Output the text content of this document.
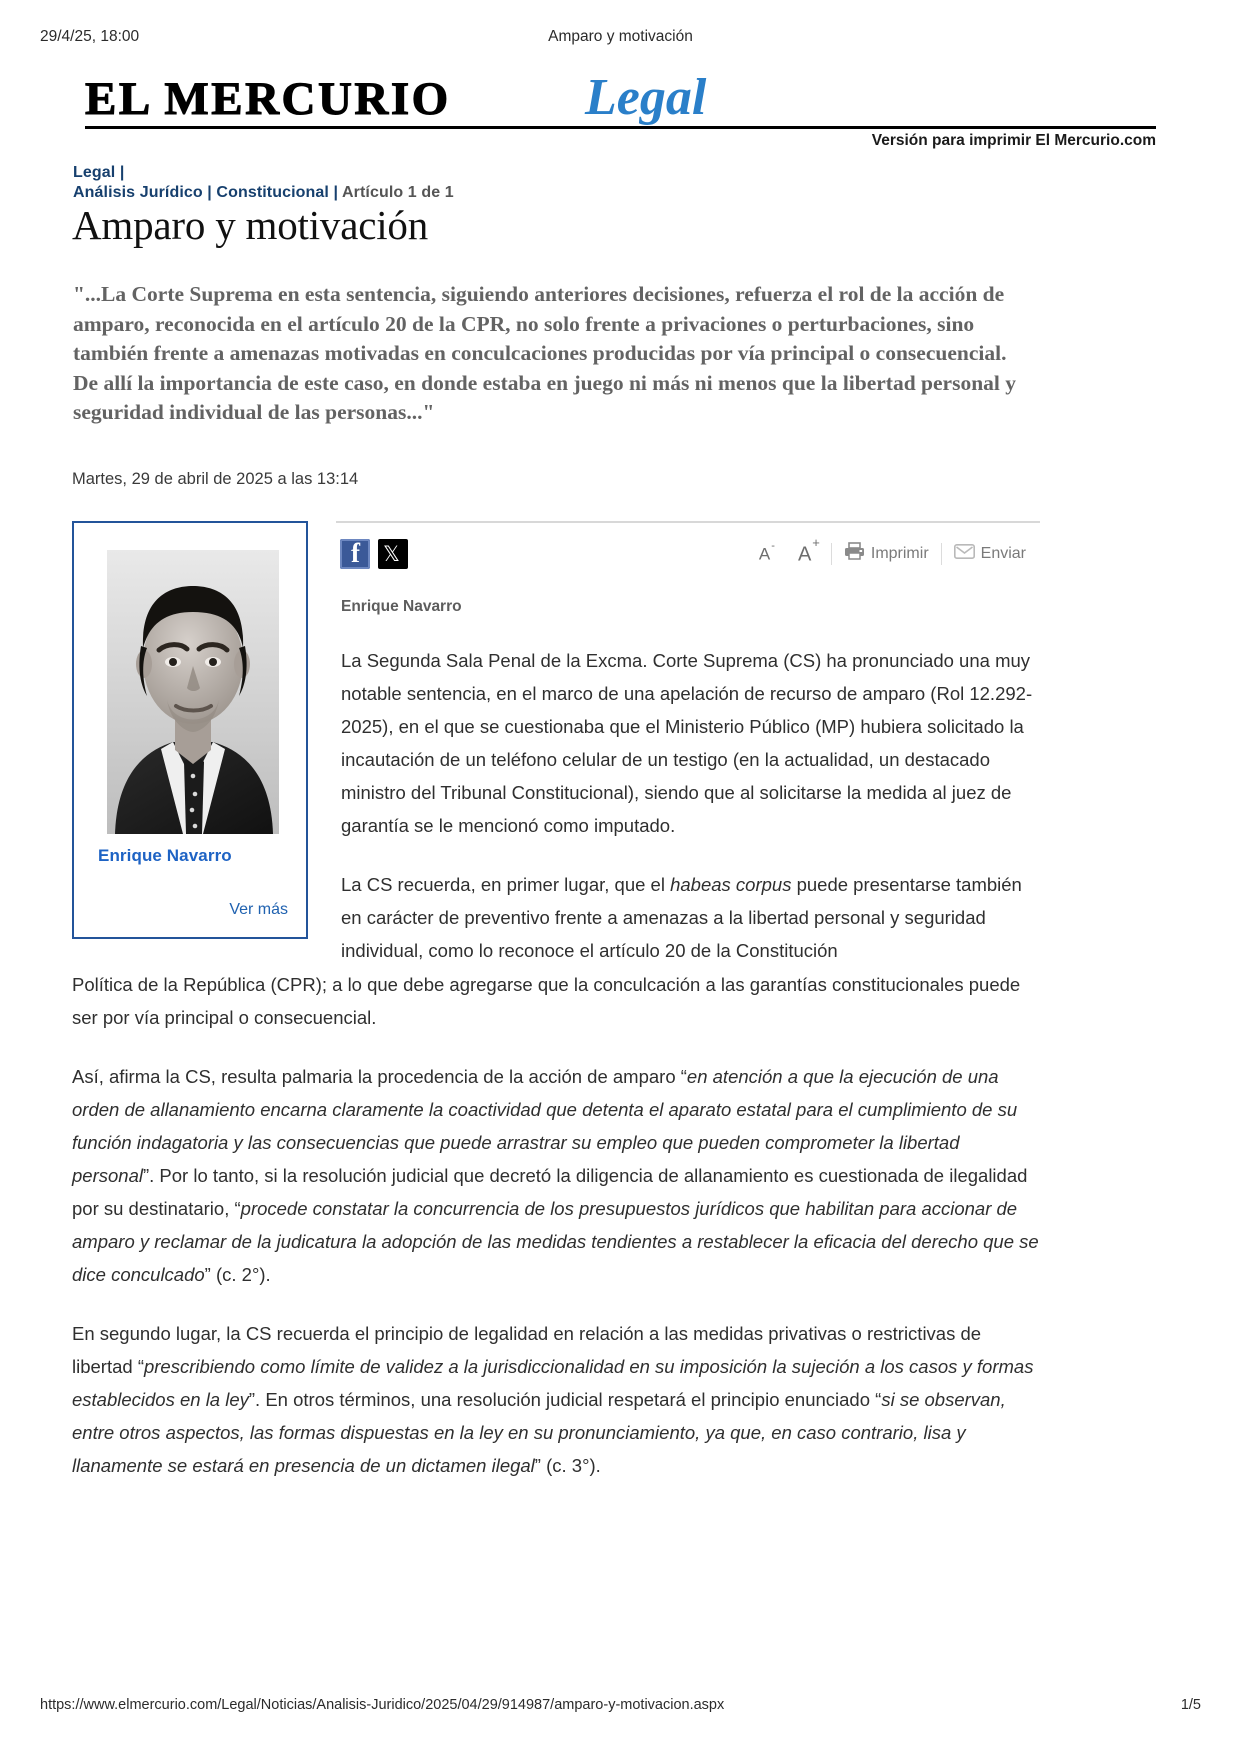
29/4/25, 18:00	Amparo y motivación
EL MERCURIO	Legal
Versión para imprimir El Mercurio.com
Legal |
Análisis Jurídico | Constitucional | Artículo 1 de 1
Amparo y motivación
"...La Corte Suprema en esta sentencia, siguiendo anteriores decisiones, refuerza el rol de la acción de amparo, reconocida en el artículo 20 de la CPR, no solo frente a privaciones o perturbaciones, sino también frente a amenazas motivadas en conculcaciones producidas por vía principal o consecuencial. De allí la importancia de este caso, en donde estaba en juego ni más ni menos que la libertad personal y seguridad individual de las personas..."
Martes, 29 de abril de 2025 a las 13:14
Enrique Navarro
Ver más
f
𝕏
A- A+
Imprimir	Enviar
Enrique Navarro

La Segunda Sala Penal de la Excma. Corte Suprema (CS) ha pronunciado una muy notable sentencia, en el marco de una apelación de recurso de amparo (Rol 12.292-2025), en el que se cuestionaba que el Ministerio Público (MP) hubiera solicitado la incautación de un teléfono celular de un testigo (en la actualidad, un destacado ministro del Tribunal Constitucional), siendo que al solicitarse la medida al juez de garantía se le mencionó como imputado.

La CS recuerda, en primer lugar, que el habeas corpus puede presentarse también en carácter de preventivo frente a amenazas a la libertad personal y seguridad individual, como lo reconoce el artículo 20 de la Constitución

Política de la República (CPR); a lo que debe agregarse que la conculcación a las garantías constitucionales puede ser por vía principal o consecuencial.

Así, afirma la CS, resulta palmaria la procedencia de la acción de amparo “en atención a que la ejecución de una orden de allanamiento encarna claramente la coactividad que detenta el aparato estatal para el cumplimiento de su función indagatoria y las consecuencias que puede arrastrar su empleo que pueden comprometer la libertad personal”. Por lo tanto, si la resolución judicial que decretó la diligencia de allanamiento es cuestionada de ilegalidad por su destinatario, “procede constatar la concurrencia de los presupuestos jurídicos que habilitan para accionar de amparo y reclamar de la judicatura la adopción de las medidas tendientes a restablecer la eficacia del derecho que se dice conculcado” (c. 2°).

En segundo lugar, la CS recuerda el principio de legalidad en relación a las medidas privativas o restrictivas de libertad “prescribiendo como límite de validez a la jurisdiccionalidad en su imposición la sujeción a los casos y formas establecidos en la ley”. En otros términos, una resolución judicial respetará el principio enunciado “si se observan, entre otros aspectos, las formas dispuestas en la ley en su pronunciamiento, ya que, en caso contrario, lisa y llanamente se estará en presencia de un dictamen ilegal” (c. 3°).

https://www.elmercurio.com/Legal/Noticias/Analisis-Juridico/2025/04/29/914987/amparo-y-motivacion.aspx	1/5
